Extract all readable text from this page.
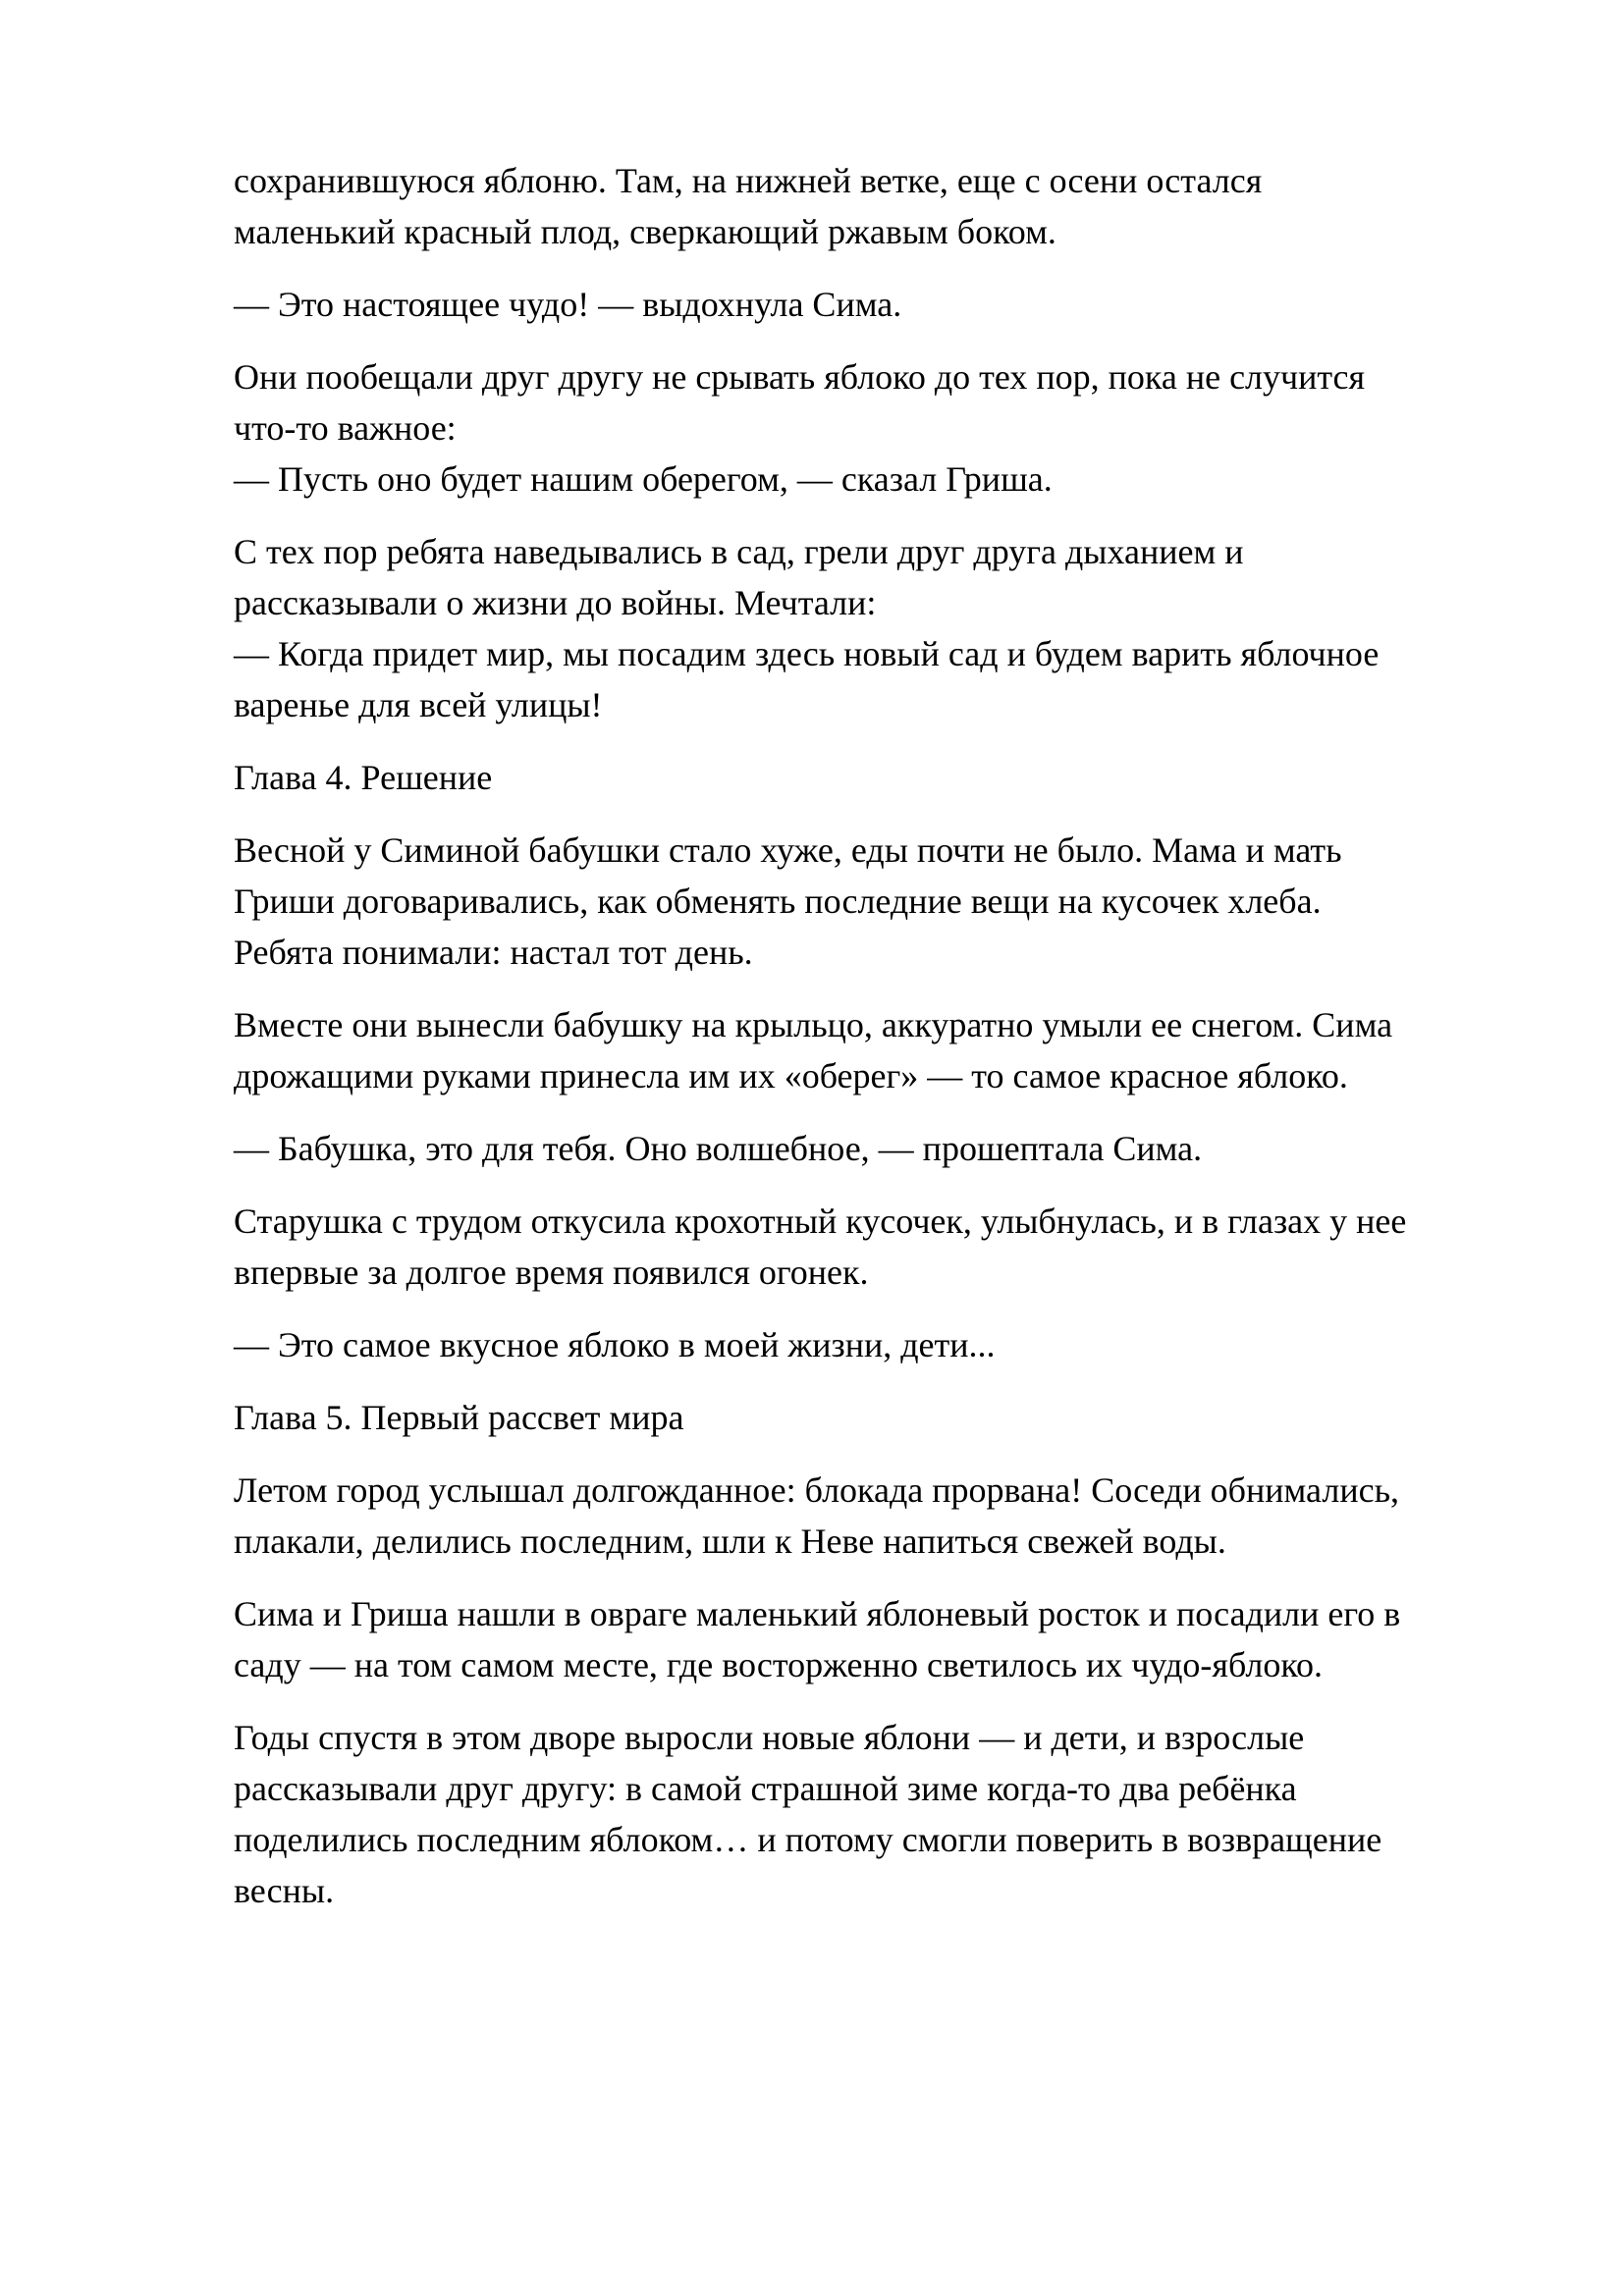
сохранившуюся яблоню. Там, на нижней ветке, еще с осени остался
маленький красный плод, сверкающий ржавым боком.

— Это настоящее чудо! — выдохнула Сима.

Они пообещали друг другу не срывать яблоко до тех пор, пока не случится
что-то важное:
— Пусть оно будет нашим оберегом, — сказал Гриша.

С тех пор ребята наведывались в сад, грели друг друга дыханием и
рассказывали о жизни до войны. Мечтали:
— Когда придет мир, мы посадим здесь новый сад и будем варить яблочное
варенье для всей улицы!

Глава 4. Решение

Весной у Симиной бабушки стало хуже, еды почти не было. Мама и мать
Гриши договаривались, как обменять последние вещи на кусочек хлеба.
Ребята понимали: настал тот день.

Вместе они вынесли бабушку на крыльцо, аккуратно умыли ее снегом. Сима
дрожащими руками принесла им их «оберег» — то самое красное яблоко.

— Бабушка, это для тебя. Оно волшебное, — прошептала Сима.

Старушка с трудом откусила крохотный кусочек, улыбнулась, и в глазах у нее
впервые за долгое время появился огонек.

— Это самое вкусное яблоко в моей жизни, дети...

Глава 5. Первый рассвет мира

Летом город услышал долгожданное: блокада прорвана! Соседи обнимались,
плакали, делились последним, шли к Неве напиться свежей воды.

Сима и Гриша нашли в овраге маленький яблоневый росток и посадили его в
саду — на том самом месте, где восторженно светилось их чудо-яблоко.

Годы спустя в этом дворе выросли новые яблони — и дети, и взрослые
рассказывали друг другу: в самой страшной зиме когда-то два ребёнка
поделились последним яблоком… и потому смогли поверить в возвращение
весны.
